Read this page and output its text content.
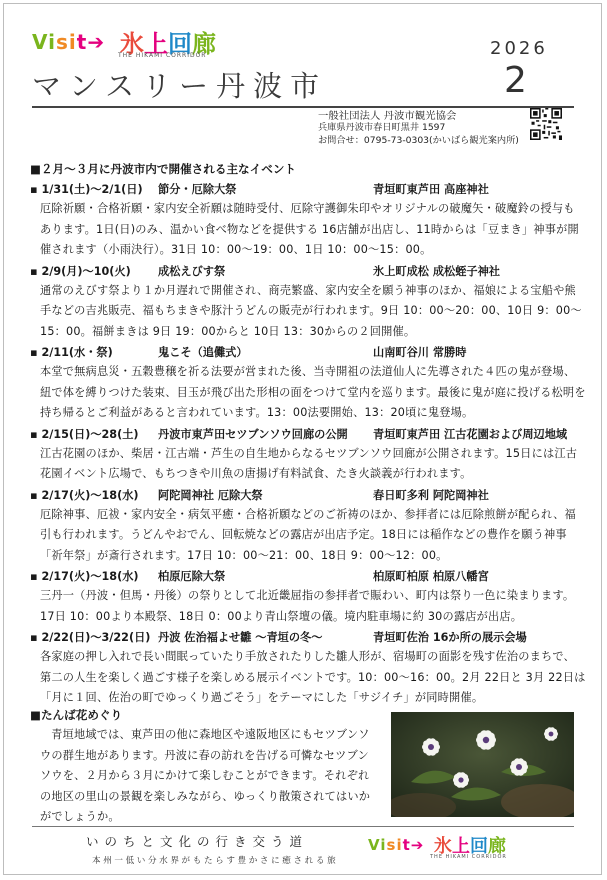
Visit➔ 氷上回廊
THE HIKAMI CORRIDOR	2026
マンスリー丹波市	2
一般社団法人 丹波市観光協会
兵庫県丹波市春日町黒井 1597
お問合せ：0795-73-0303(かいばら観光案内所)
■２月～３月に丹波市内で開催される主なイベント
▪ 1/31(土)～2/1(日) 節分・厄除大祭	青垣町東芦田 高座神社
厄除祈願・合格祈願・家内安全祈願は随時受付、厄除守護御朱印やオリジナルの破魔矢・破魔鈴の授与もあります。1日(日)のみ、温かい食べ物などを提供する 16店舗が出店し、11時からは「豆まき」神事が開催されます（小雨決行）。31日 10：00～19：00、1日 10：00～15：00。
▪ 2/9(月)～10(火) 成松えびす祭	氷上町成松 成松蛭子神社
通常のえびす祭より１か月遅れで開催され、商売繁盛、家内安全を願う神事のほか、福娘による宝船や熊手などの吉兆販売、福もちまきや豚汁うどんの販売が行われます。9日 10：00～20：00、10日 9：00～15：00。福餅まきは 9日 19：00からと 10日 13：30からの２回開催。
▪ 2/11(水・祭)	鬼こそ（追儺式）	山南町谷川 常勝時
本堂で無病息災・五穀豊穣を祈る法要が営まれた後、当寺開祖の法道仙人に先導された４匹の鬼が登場、紐で体を縛りつけた装束、目玉が飛び出た形相の面をつけて堂内を巡ります。最後に鬼が庭に投げる松明を持ち帰るとご利益があると言われています。13：00法要開始、13：20頃に鬼登場。
▪ 2/15(日)～28(土) 丹波市東芦田セツブンソウ回廊の公開 青垣町東芦田 江古花園および周辺地域
江古花園のほか、柴居・江古端・芦生の自生地からなるセツブンソウ回廊が公開されます。15日には江古花園イベント広場で、もちつきや川魚の唐揚げ有料試食、たき火談義が行われます。
▪ 2/17(火)～18(水) 阿陀岡神社 厄除大祭	春日町多利 阿陀岡神社
厄除神事、厄祓・家内安全・病気平癒・合格祈願などのご祈祷のほか、参拝者には厄除煎餅が配られ、福引も行われます。うどんやおでん、回転焼などの露店が出店予定。18日には稲作などの豊作を願う神事「祈年祭」が斎行されます。17日 10：00～21：00、18日 9：00～12：00。
▪ 2/17(火)～18(水) 柏原厄除大祭	柏原町柏原 柏原八幡宮
三丹一（丹波・但馬・丹後）の祭りとして北近畿屈指の参拝者で賑わい、町内は祭り一色に染まります。17日 10：00より本殿祭、18日 0：00より青山祭壇の儀。境内駐車場に約 30の露店が出店。
▪ 2/22(日)～3/22(日) 丹波 佐治福よせ雛 ～青垣の冬～	青垣町佐治 16か所の展示会場
各家庭の押し入れで長い間眠っていたり手放されたりした雛人形が、宿場町の面影を残す佐治のまちで、第二の人生を楽しく過ごす様子を楽しめる展示イベントです。10：00～16：00。2月 22日と 3月 22日は「月に１回、佐治の町でゆっくり過ごそう」をテーマにした「サジイチ」が同時開催。
■たんば花めぐり
青垣地域では、東芦田の他に森地区や遠阪地区にもセツブンソウの群生地があります。丹波に春の訪れを告げる可憐なセツブンソウを、２月から３月にかけて楽しむことができます。それぞれの地区の里山の景観を楽しみながら、ゆっくり散策されてはいかがでしょうか。
いのちと文化の行き交う道
本州一低い分水界がもたらす豊かさに癒される旅
Visit➔ 氷上回廊
THE HIKAMI CORRIDOR
